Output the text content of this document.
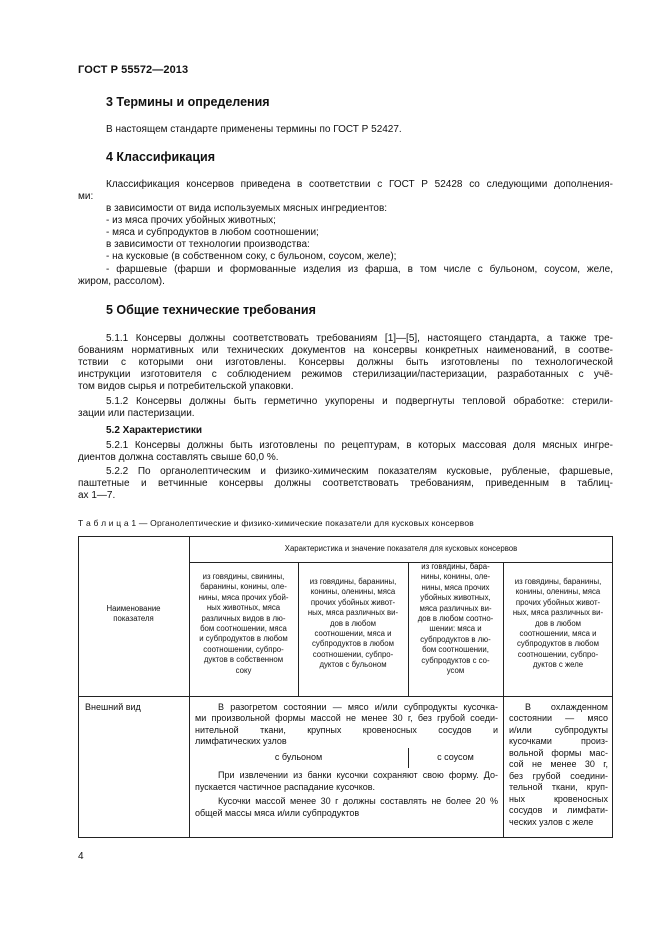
ГОСТ Р 55572—2013
3 Термины и определения
В настоящем стандарте применены термины по ГОСТ Р 52427.
4 Классификация
Классификация консервов приведена в соответствии с ГОСТ Р 52428 со следующими дополнения-
ми:
в зависимости от вида используемых мясных ингредиентов:
- из мяса прочих убойных животных;
- мяса и субпродуктов в любом соотношении;
в зависимости от технологии производства:
- на кусковые (в собственном соку, с бульоном, соусом, желе);
- фаршевые (фарши и формованные изделия из фарша, в том числе с бульоном, соусом, желе,
жиром, рассолом).
5 Общие технические требования
5.1.1 Консервы должны соответствовать требованиям [1]—[5], настоящего стандарта, а также тре-
бованиям нормативных или технических документов на консервы конкретных наименований, в соотве-
тствии с которыми они изготовлены. Консервы должны быть изготовлены по технологической
инструкции изготовителя с соблюдением режимов стерилизации/пастеризации, разработанных с учё-
том видов сырья и потребительской упаковки.
5.1.2 Консервы должны быть герметично укупорены и подвергнуты тепловой обработке: стерили-
зации или пастеризации.
5.2 Характеристики
5.2.1 Консервы должны быть изготовлены по рецептурам, в которых массовая доля мясных ингре-
диентов должна составлять свыше 60,0 %.
5.2.2 По органолептическим и физико-химическим показателям кусковые, рубленые, фаршевые,
паштетные и ветчинные консервы должны соответствовать требованиям, приведенным в таблиц-
ах 1—7.
Т а б л и ц а 1 — Органолептические и физико-химические показатели для кусковых консервов
Наименование
показателя
Характеристика и значение показателя для кусковых консервов
из говядины, свинины,
баранины, конины, оле-
нины, мяса прочих убой-
ных животных, мяса
различных видов в лю-
бом соотношении, мяса
и субпродуктов в любом
соотношении, субпро-
дуктов в собственном
соку
из говядины, баранины,
конины, оленины, мяса
прочих убойных живот-
ных, мяса различных ви-
дов в любом
соотношении, мяса и
субпродуктов в любом
соотношении, субпро-
дуктов с бульоном
из говядины, бара-
нины, конины, оле-
нины, мяса прочих
убойных животных,
мяса различных ви-
дов в любом соотно-
шении: мяса и
субпродуктов в лю-
бом соотношении,
субпродуктов с со-
усом
из говядины, баранины,
конины, оленины, мяса
прочих убойных живот-
ных, мяса различных ви-
дов в любом
соотношении, мяса и
субпродуктов в любом
соотношении, субпро-
дуктов с желе
Внешний вид	В разогретом состоянии — мясо и/или субпродукты кусочка-
ми произвольной формы массой не менее 30 г, без грубой соеди-
нительной ткани, крупных кровеносных сосудов и
лимфатических узлов
с бульоном	с соусом
При извлечении из банки кусочки сохраняют свою форму. До-
пускается частичное распадание кусочков.
Кусочки массой менее 30 г должны составлять не более 20 %
общей массы мяса и/или субпродуктов
В охлажденном
состоянии — мясо
и/или субпродукты
кусочками произ-
вольной формы мас-
сой не менее 30 г,
без грубой соедини-
тельной ткани, круп-
ных кровеносных
сосудов и лимфати-
ческих узлов с желе
4
